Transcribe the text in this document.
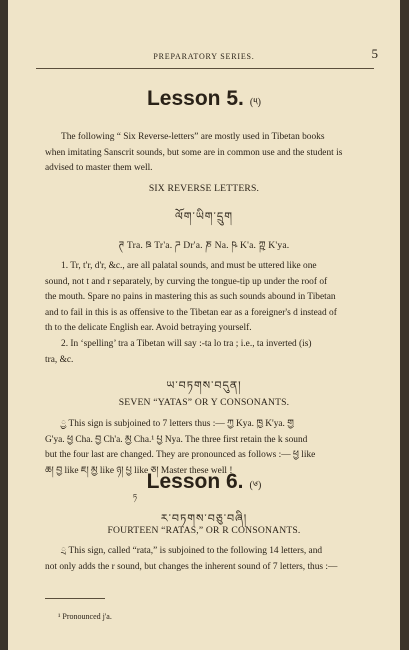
PREPARATORY SERIES.	5
Lesson 5. (༥)
The following “ Six Reverse-letters” are mostly used in Tibetan books
when imitating Sanscrit sounds, but some are in common use and the student is
advised to master them well.
SIX REVERSE LETTERS.
ལོག་ཡིག་དྲུག
ཊ Tra. ཋ Tr'a. ཌ Dr'a. ཎ Na. ཥ K'a. ཀྵ K'ya.
1. Tr, t'r, d'r, &c., are all palatal sounds, and must be uttered like one
sound, not t and r separately, by curving the tongue-tip up under the roof of
the mouth. Spare no pains in mastering this as such sounds abound in Tibetan
and to fail in this is as offensive to the Tibetan ear as a foreigner's d instead of
th to the delicate English ear. Avoid betraying yourself.
2. In ‘spelling’ tra a Tibetan will say :-ta lo tra ; i.e., ta inverted (is)
tra, &c.
ཡ་བཏགས་བདུན།
SEVEN “YATAS” OR Y CONSONANTS.
ྱ This sign is subjoined to 7 letters thus :— ཀྱ Kya. ཁྱ K'ya. གྱ
G'ya. ཕྱ Cha. བྱ Ch'a. མྱ Cha.¹ པྱ Nya. The three first retain the k sound
but the four last are changed. They are pronounced as follows :— ཕྱ like
ཆ། བྱ like ཇ། མྱ like ཉ། པྱ like ཅ། Master these well !
Lesson 6. (༦)
ཏ
ར་བཏགས་བཅུ་བཞི།
FOURTEEN “RATAS,” OR R CONSONANTS.
ྲ This sign, called “rata,” is subjoined to the following 14 letters, and
not only adds the r sound, but changes the inherent sound of 7 letters, thus :—
¹ Pronounced j'a.
